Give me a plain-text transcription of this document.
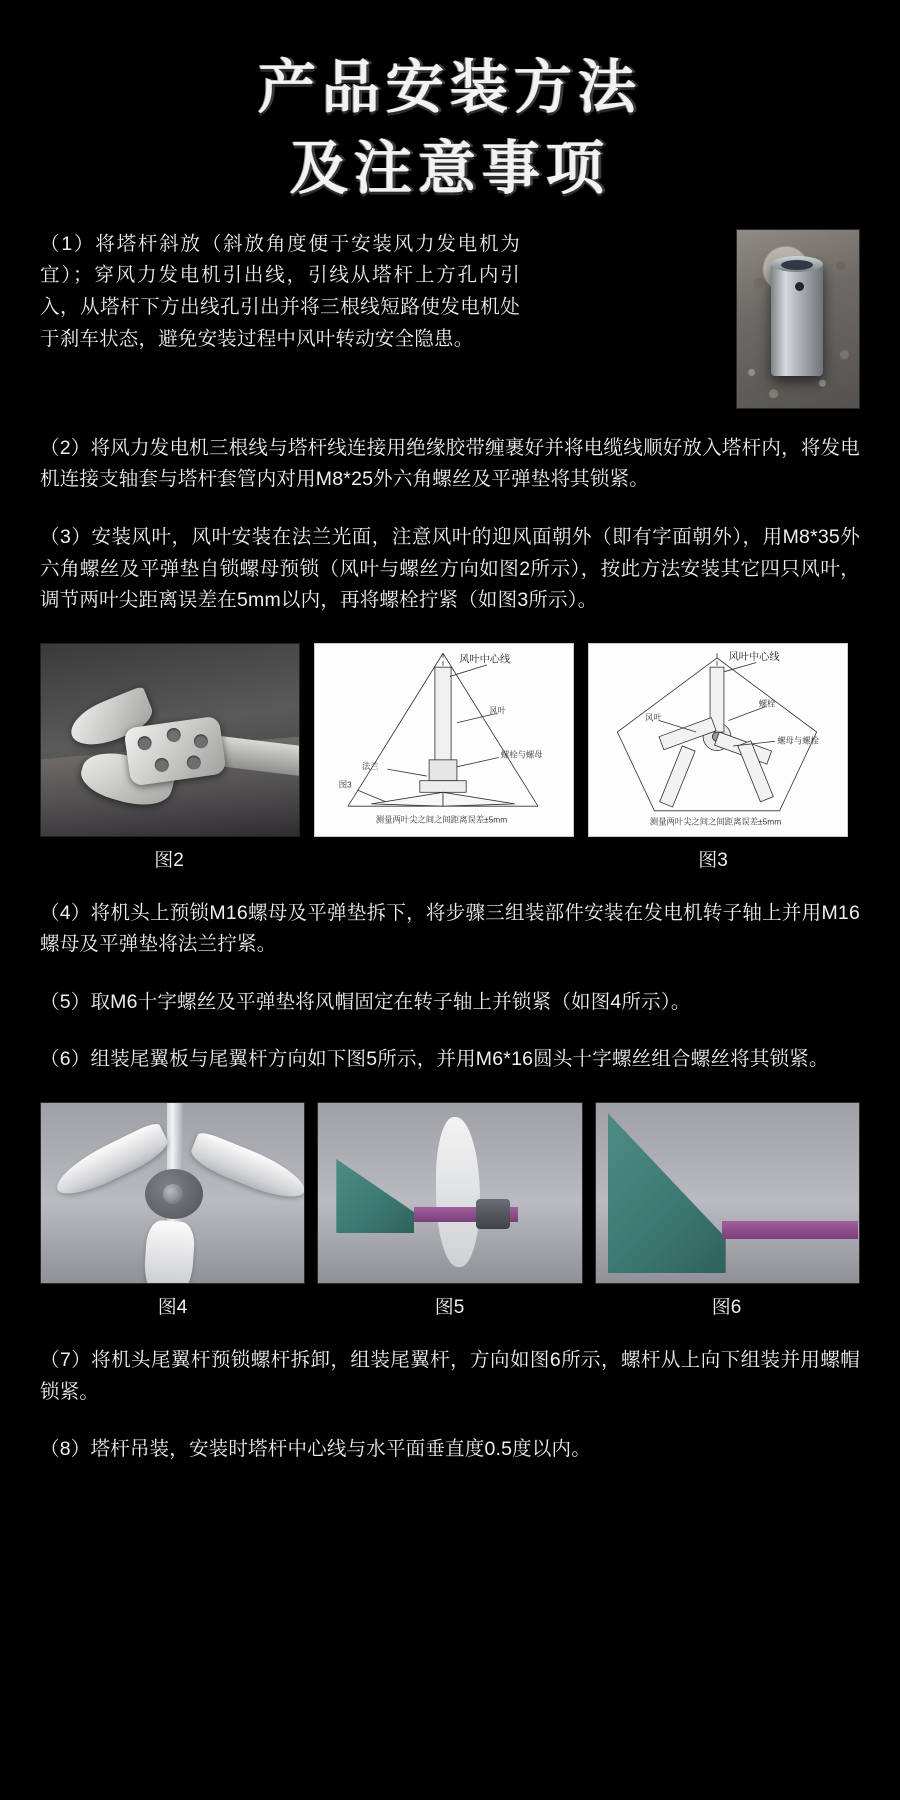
产品安装方法
及注意事项
（1）将塔杆斜放（斜放角度便于安装风力发电机为宜）；穿风力发电机引出线，引线从塔杆上方孔内引入，从塔杆下方出线孔引出并将三根线短路使发电机处于刹车状态，避免安装过程中风叶转动安全隐患。
（2）将风力发电机三根线与塔杆线连接用绝缘胶带缠裹好并将电缆线顺好放入塔杆内，将发电机连接支轴套与塔杆套管内对用M8*25外六角螺丝及平弹垫将其锁紧。
（3）安装风叶，风叶安装在法兰光面，注意风叶的迎风面朝外（即有字面朝外），用M8*35外六角螺丝及平弹垫自锁螺母预锁（风叶与螺丝方向如图2所示），按此方法安装其它四只风叶，调节两叶尖距离误差在5mm以内，再将螺栓拧紧（如图3所示）。
风叶中心线
风叶
螺栓与螺母
法兰
图3
测量两叶尖之间之间距离误差±5mm
风叶中心线
螺栓
风叶
螺母与螺栓
测量两叶尖之间之间距离误差±5mm
图2	图3
（4）将机头上预锁M16螺母及平弹垫拆下，将步骤三组装部件安装在发电机转子轴上并用M16螺母及平弹垫将法兰拧紧。
（5）取M6十字螺丝及平弹垫将风帽固定在转子轴上并锁紧（如图4所示）。
（6）组装尾翼板与尾翼杆方向如下图5所示，并用M6*16圆头十字螺丝组合螺丝将其锁紧。
图4	图5	图6
（7）将机头尾翼杆预锁螺杆拆卸，组装尾翼杆，方向如图6所示，螺杆从上向下组装并用螺帽锁紧。
（8）塔杆吊装，安装时塔杆中心线与水平面垂直度0.5度以内。
